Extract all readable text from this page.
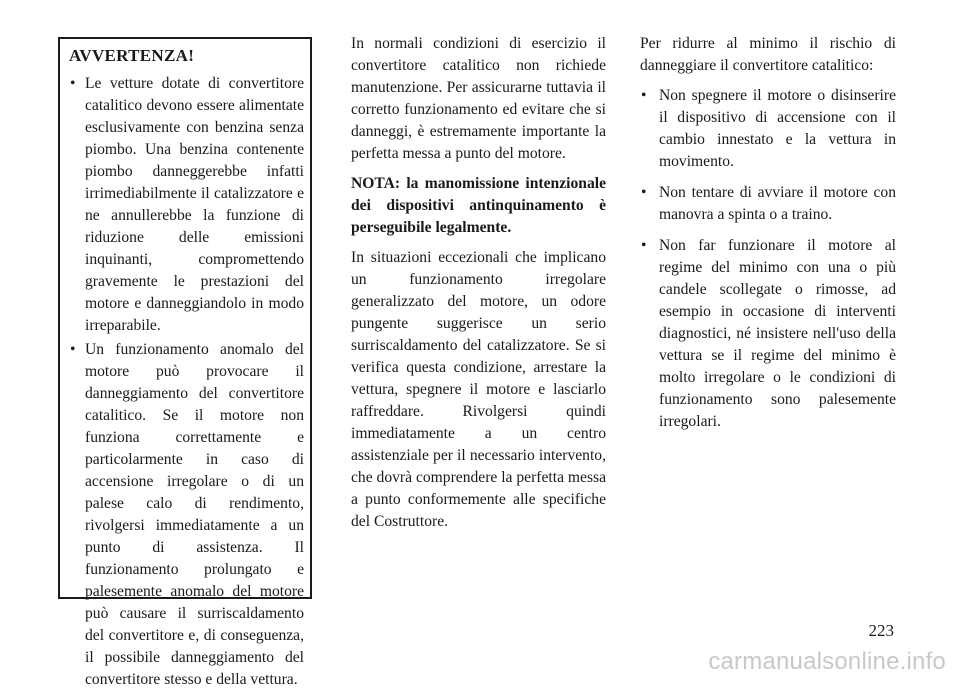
AVVERTENZA!
• Le vetture dotate di convertitore catalitico devono essere alimentate esclusivamente con benzina senza piombo. Una benzina contenente piombo danneggerebbe infatti irrimediabilmente il catalizzatore e ne annullerebbe la funzione di riduzione delle emissioni inquinanti, compromettendo gravemente le prestazioni del motore e danneggiandolo in modo irreparabile.
• Un funzionamento anomalo del motore può provocare il danneggiamento del convertitore catalitico. Se il motore non funziona correttamente e particolarmente in caso di accensione irregolare o di un palese calo di rendimento, rivolgersi immediatamente a un punto di assistenza. Il funzionamento prolungato e palesemente anomalo del motore può causare il surriscaldamento del convertitore e, di conseguenza, il possibile danneggiamento del convertitore stesso e della vettura.

In normali condizioni di esercizio il convertitore catalitico non richiede manutenzione. Per assicurarne tuttavia il corretto funzionamento ed evitare che si danneggi, è estremamente importante la perfetta messa a punto del motore.

NOTA: la manomissione intenzionale dei dispositivi antinquinamento è perseguibile legalmente.

In situazioni eccezionali che implicano un funzionamento irregolare generalizzato del motore, un odore pungente suggerisce un serio surriscaldamento del catalizzatore. Se si verifica questa condizione, arrestare la vettura, spegnere il motore e lasciarlo raffreddare. Rivolgersi quindi immediatamente a un centro assistenziale per il necessario intervento, che dovrà comprendere la perfetta messa a punto conformemente alle specifiche del Costruttore.

Per ridurre al minimo il rischio di danneggiare il convertitore catalitico:

• Non spegnere il motore o disinserire il dispositivo di accensione con il cambio innestato e la vettura in movimento.
• Non tentare di avviare il motore con manovra a spinta o a traino.
• Non far funzionare il motore al regime del minimo con una o più candele scollegate o rimosse, ad esempio in occasione di interventi diagnostici, né insistere nell'uso della vettura se il regime del minimo è molto irregolare o le condizioni di funzionamento sono palesemente irregolari.
223
carmanualsonline.info
